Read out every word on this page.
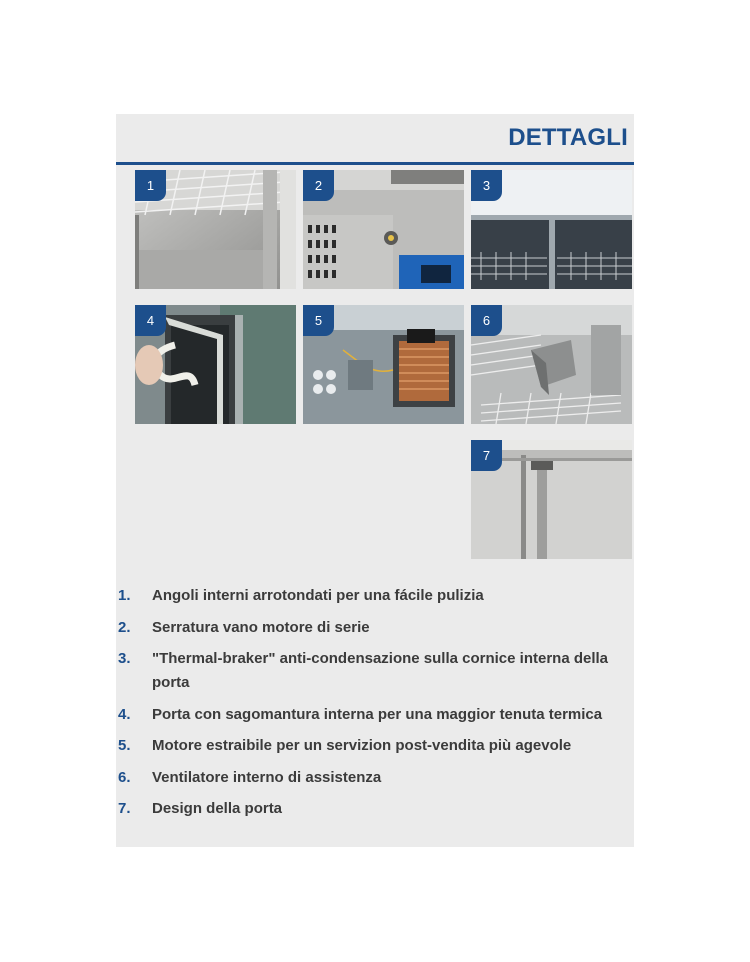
DETTAGLI
1	2	3
4	5	6
7
1. Angoli interni arrotondati per una fácile pulizia
2. Serratura vano motore di serie
3. "Thermal-braker" anti-condensazione sulla cornice interna della porta
4. Porta con sagomantura interna per una maggior tenuta termica
5. Motore estraibile per un servizion post-vendita più agevole
6. Ventilatore interno di assistenza
7. Design della porta
